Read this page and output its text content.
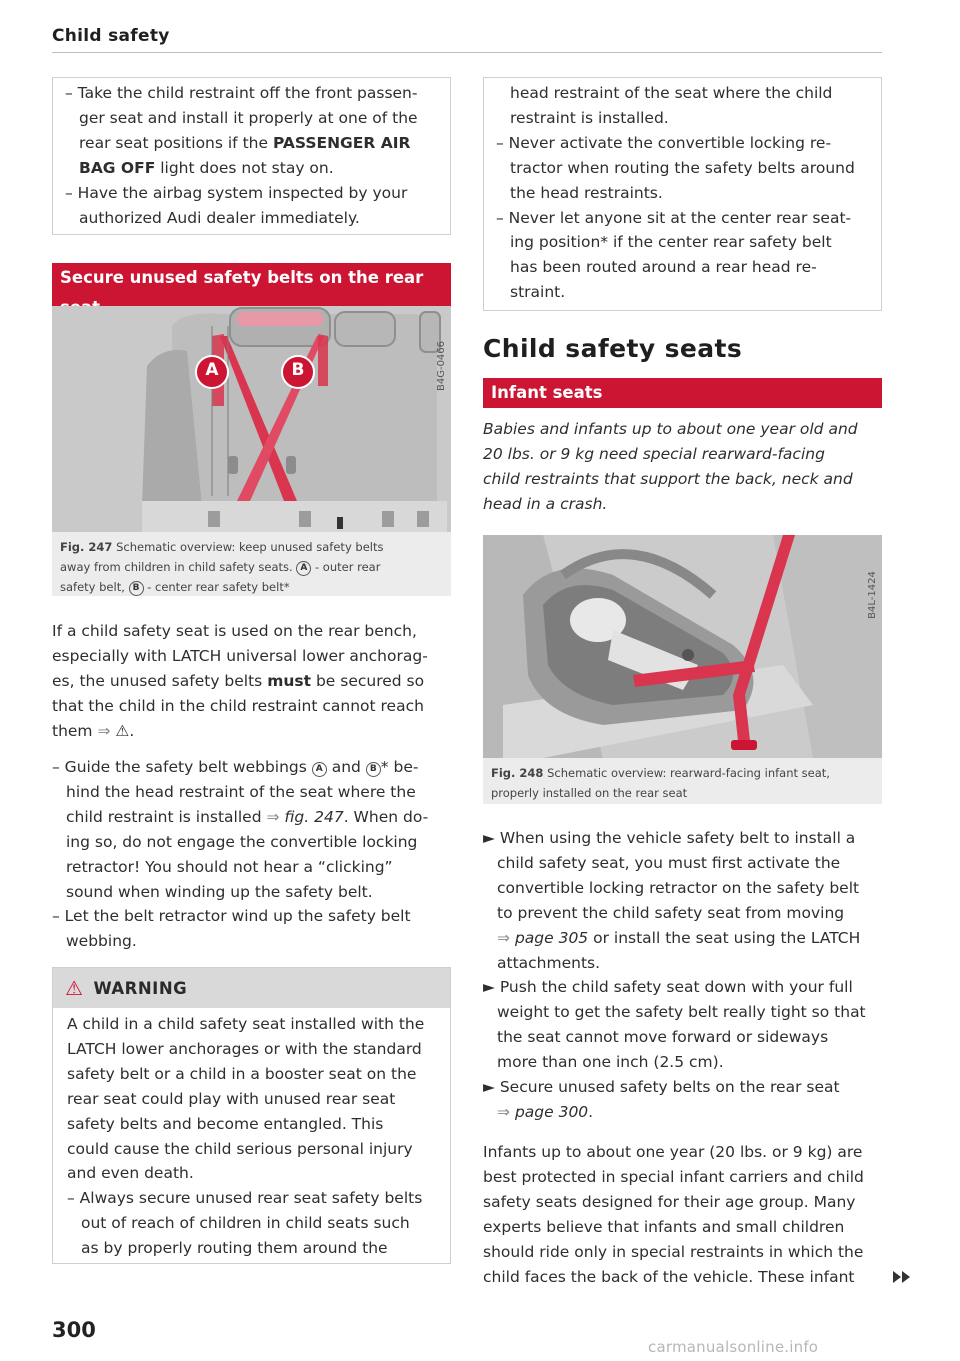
Child safety

– Take the child restraint off the front passen-
ger seat and install it properly at one of the
rear seat positions if the PASSENGER AIR
BAG OFF light does not stay on.

– Have the airbag system inspected by your
authorized Audi dealer immediately.

Secure unused safety belts on the rear
B4G-0466
A	B
Fig. 247 Schematic overview: keep unused safety belts
away from children in child safety seats. A - outer rear
safety belt, B - center rear safety belt*
If a child safety seat is used on the rear bench,
especially with LATCH universal lower anchorag-
es, the unused safety belts must be secured so
that the child in the child restraint cannot reach
them ⇒ ⚠.

– Guide the safety belt webbings A and B * be-
hind the head restraint of the seat where the
child restraint is installed ⇒ fig. 247. When do-
ing so, do not engage the convertible locking
retractor! You should not hear a “clicking”
sound when winding up the safety belt.

– Let the belt retractor wind up the safety belt
webbing.

⚠ WARNING
A child in a child safety seat installed with the
LATCH lower anchorages or with the standard
safety belt or a child in a booster seat on the
rear seat could play with unused rear seat
safety belts and become entangled. This
could cause the child serious personal injury
and even death.

– Always secure unused rear seat safety belts
out of reach of children in child seats such
as by properly routing them around the

head restraint of the seat where the child
restraint is installed.

– Never activate the convertible locking re-
tractor when routing the safety belts around
the head restraints.

– Never let anyone sit at the center rear seat-
ing position* if the center rear safety belt
has been routed around a rear head re-
straint.

Child safety seats
Infant seats
Babies and infants up to about one year old and
20 lbs. or 9 kg need special rearward-facing
child restraints that support the back, neck and
head in a crash.
B4L-1424
Fig. 248 Schematic overview: rearward-facing infant seat,
properly installed on the rear seat

► When using the vehicle safety belt to install a
child safety seat, you must first activate the
convertible locking retractor on the safety belt
to prevent the child safety seat from moving
⇒ page 305 or install the seat using the LATCH
attachments.

► Push the child safety seat down with your full
weight to get the safety belt really tight so that
the seat cannot move forward or sideways
more than one inch (2.5 cm).

► Secure unused safety belts on the rear seat
⇒ page 300.

Infants up to about one year (20 lbs. or 9 kg) are
best protected in special infant carriers and child
safety seats designed for their age group. Many
experts believe that infants and small children
should ride only in special restraints in which the
child faces the back of the vehicle. These infant
300
carmanualsonline.info
